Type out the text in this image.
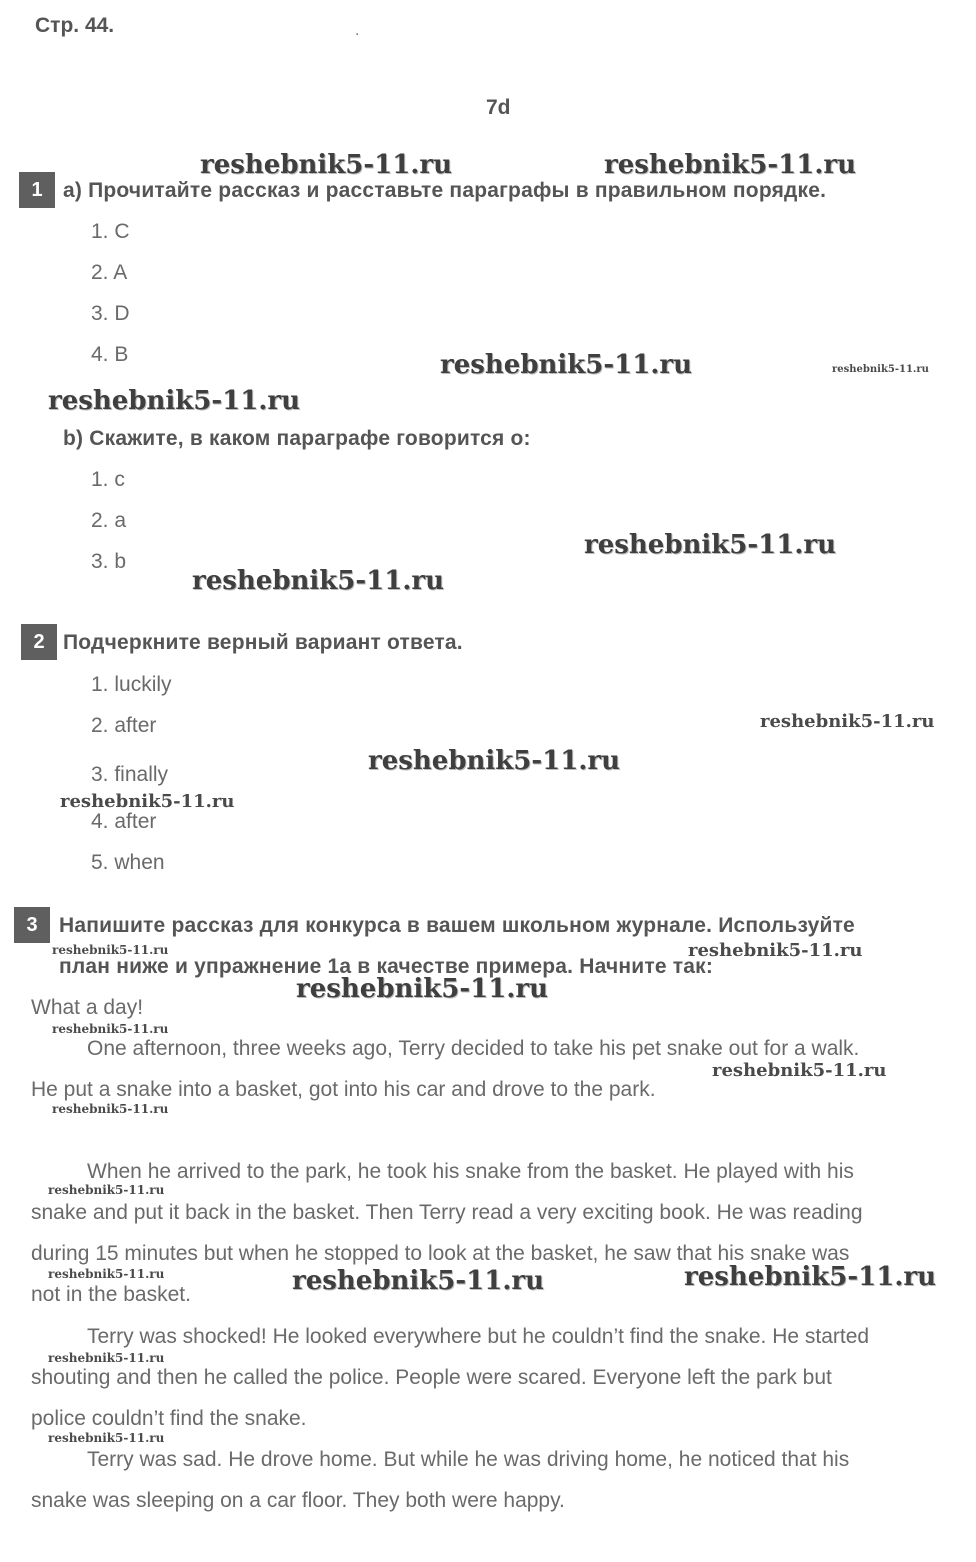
Стр. 44.	.
7d
reshebnik5-11.ru	reshebnik5-11.ru
reshebnik5-11.ru	reshebnik5-11.ru
reshebnik5-11.ru
reshebnik5-11.ru
reshebnik5-11.ru
reshebnik5-11.ru
reshebnik5-11.ru
reshebnik5-11.ru
reshebnik5-11.ru	reshebnik5-11.ru
reshebnik5-11.ru
reshebnik5-11.ru
reshebnik5-11.ru
reshebnik5-11.ru
reshebnik5-11.ru
reshebnik5-11.ru	reshebnik5-11.ru	reshebnik5-11.ru
reshebnik5-11.ru
reshebnik5-11.ru
1 a) Прочитайте рассказ и расставьте параграфы в правильном порядке.
1. C
2. A
3. D
4. B
b) Скажите, в каком параграфе говорится о:
1. c
2. a
3. b
2 Подчеркните верный вариант ответа.
1. luckily
2. after
3. finally
4. after
5. when
3	Напишите рассказ для конкурса в вашем школьном журнале. Используйте
план ниже и упражнение 1а в качестве примера. Начните так:
What a day!
One afternoon, three weeks ago, Terry decided to take his pet snake out for a walk.
He put a snake into a basket, got into his car and drove to the park.
When he arrived to the park, he took his snake from the basket. He played with his
snake and put it back in the basket. Then Terry read a very exciting book. He was reading
during 15 minutes but when he stopped to look at the basket, he saw that his snake was
not in the basket.
Terry was shocked! He looked everywhere but he couldn’t find the snake. He started
shouting and then he called the police. People were scared. Everyone left the park but
police couldn’t find the snake.
Terry was sad. He drove home. But while he was driving home, he noticed that his
snake was sleeping on a car floor. They both were happy.
